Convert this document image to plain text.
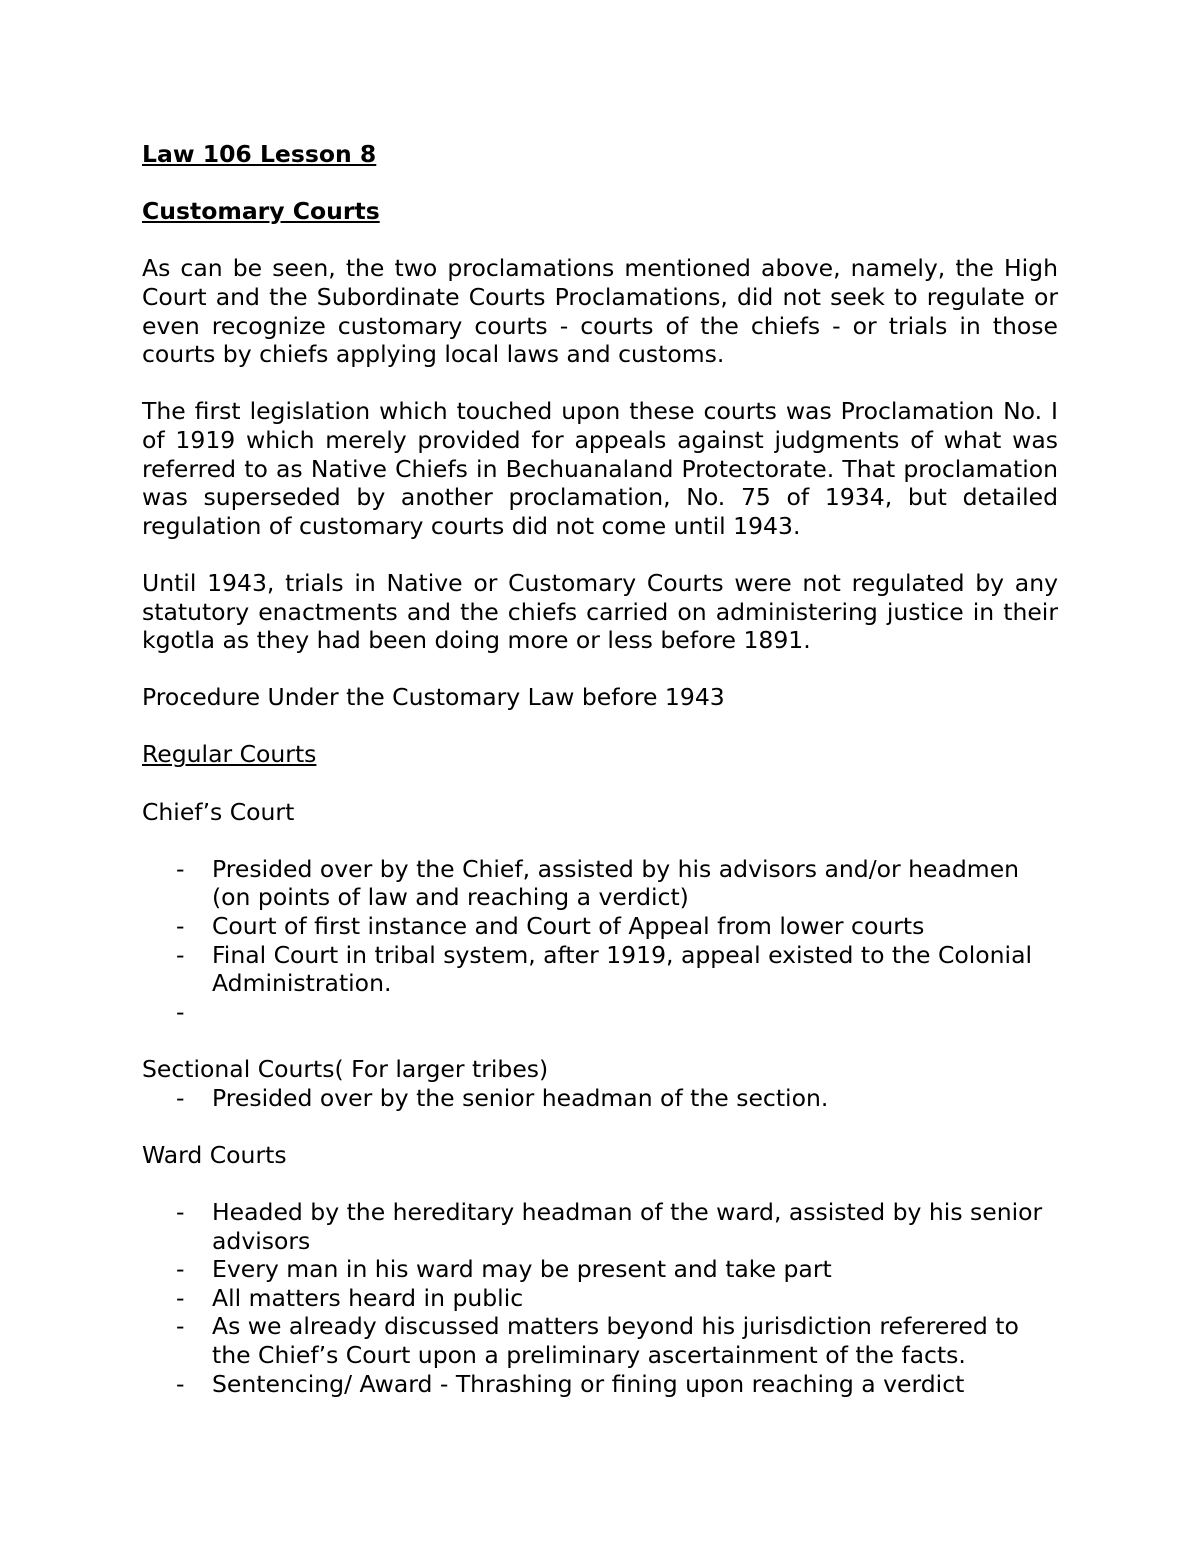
Law 106 Lesson 8
Customary Courts

As can be seen, the two proclamations mentioned above, namely, the High Court and the Subordinate Courts Proclamations, did not seek to regulate or even recognize customary courts - courts of the chiefs - or trials in those courts by chiefs applying local laws and customs.

The first legislation which touched upon these courts was Proclamation No. I of 1919 which merely provided for appeals against judgments of what was referred to as Native Chiefs in Bechuanaland Protectorate. That proclamation was superseded by another proclamation, No. 75 of 1934, but detailed regulation of customary courts did not come until 1943.

Until 1943, trials in Native or Customary Courts were not regulated by any statutory enactments and the chiefs carried on administering justice in their kgotla as they had been doing more or less before 1891.

Procedure Under the Customary Law before 1943

Regular Courts

Chief’s Court

- Presided over by the Chief, assisted by his advisors and/or headmen (on points of law and reaching a verdict)
- Court of first instance and Court of Appeal from lower courts
- Final Court in tribal system, after 1919, appeal existed to the Colonial Administration.
-

Sectional Courts( For larger tribes)

- Presided over by the senior headman of the section.

Ward Courts

- Headed by the hereditary headman of the ward, assisted by his senior advisors
- Every man in his ward may be present and take part
- All matters heard in public
- As we already discussed matters beyond his jurisdiction referered to the Chief’s Court upon a preliminary ascertainment of the facts.
- Sentencing/ Award - Thrashing or fining upon reaching a verdict
